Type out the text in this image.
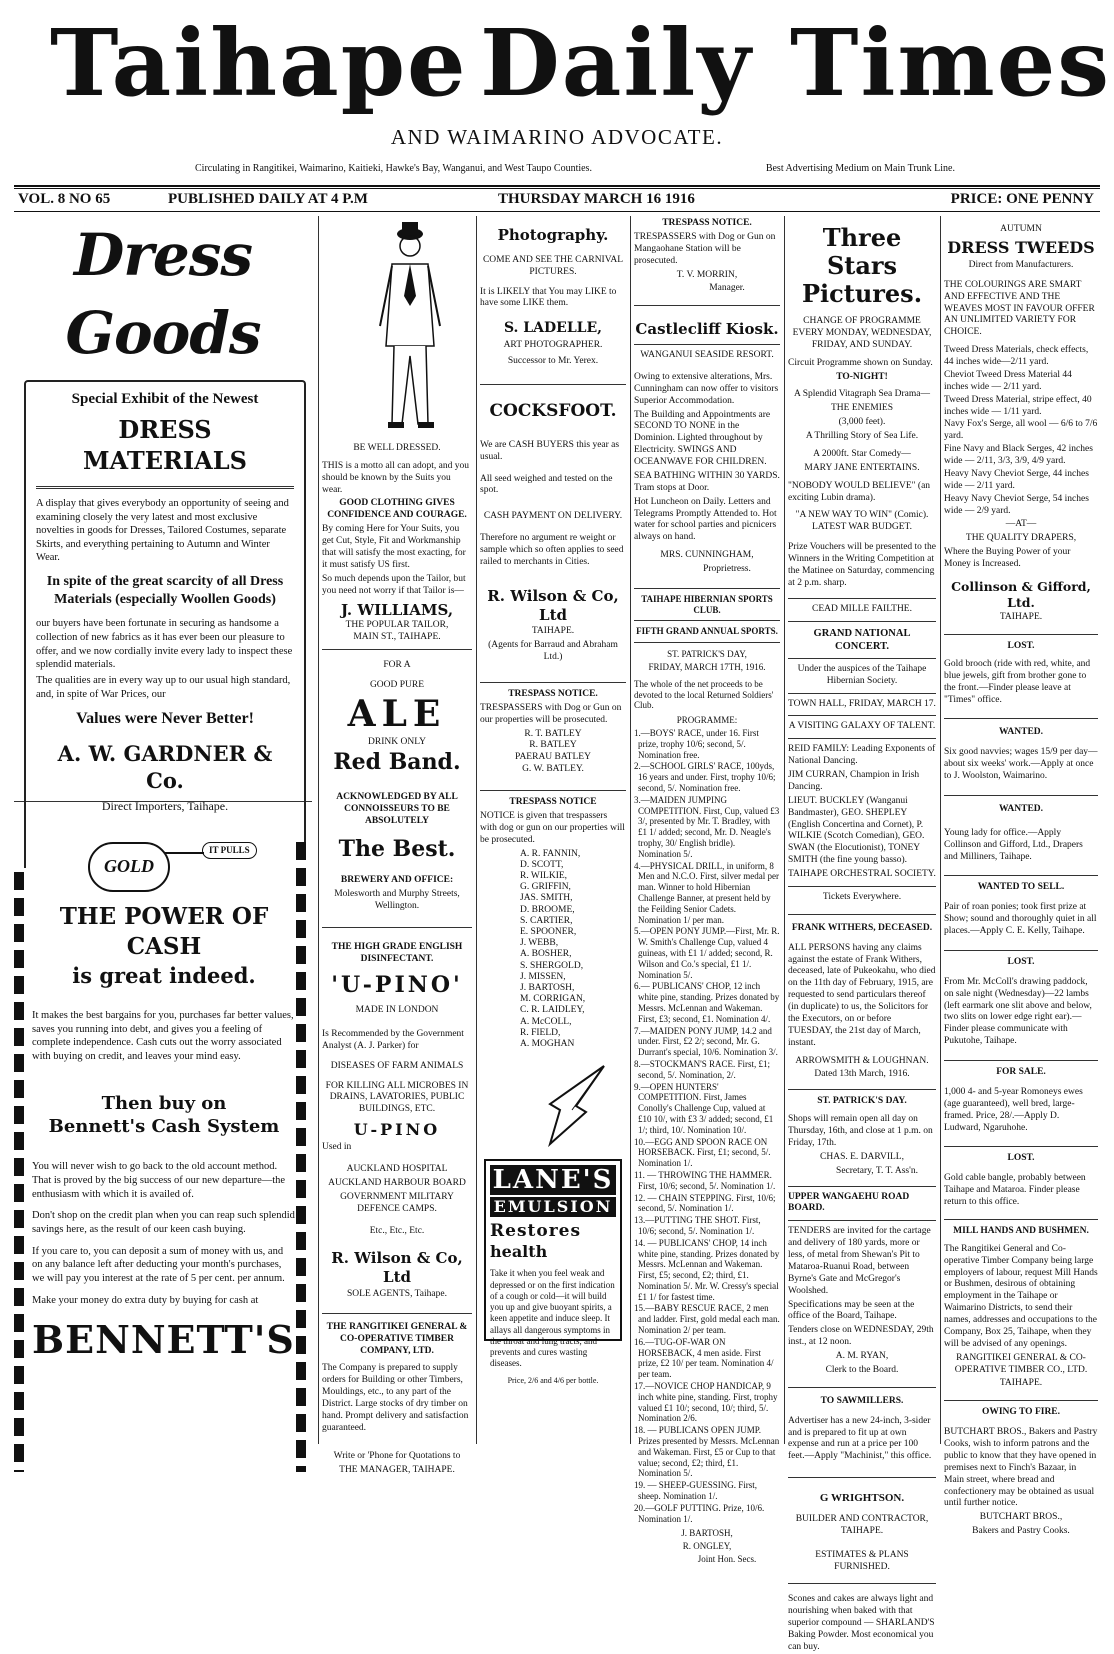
Taihape Daily Times
AND WAIMARINO ADVOCATE.
Circulating in Rangitikei, Waimarino, Kaitieki, Hawke's Bay, Wanganui, and West Taupo Counties.	Best Advertising Medium on Main Trunk Line.
VOL. 8 NO 65	PUBLISHED DAILY AT 4 P.M	THURSDAY MARCH 16 1916	PRICE: ONE PENNY
Dress Goods
Special Exhibit of the Newest
DRESS MATERIALS

A display that gives everybody an opportunity of seeing and examining closely the very latest and most exclusive novelties in goods for Dresses, Tailored Costumes, separate Skirts, and everything pertaining to Autumn and Winter Wear.

In spite of the great scarcity of all Dress Materials (especially Woollen Goods)

our buyers have been fortunate in securing as handsome a collection of new fabrics as it has ever been our pleasure to offer, and we now cordially invite every lady to inspect these splendid materials.

The qualities are in every way up to our usual high standard, and, in spite of War Prices, our

Values were Never Better!
A. W. GARDNER & Co.
Direct Importers, Taihape.
GOLD
IT PULLS
THE POWER OF CASH
is great indeed.

It makes the best bargains for you, purchases far better values, saves you running into debt, and gives you a feeling of complete independence. Cash cuts out the worry associated with buying on credit, and leaves your mind easy.

Then buy on
Bennett's Cash System

You will never wish to go back to the old account method. That is proved by the big success of our new departure—the enthusiasm with which it is availed of.

Don't shop on the credit plan when you can reap such splendid savings here, as the result of our keen cash buying.

If you care to, you can deposit a sum of money with us, and on any balance left after deducting your month's purchases, we will pay you interest at the rate of 5 per cent. per annum.

Make your money do extra duty by buying for cash at

BENNETT'S
BE WELL DRESSED.

THIS is a motto all can adopt, and you should be known by the Suits you wear.

GOOD CLOTHING GIVES CONFIDENCE AND COURAGE.

By coming Here for Your Suits, you get Cut, Style, Fit and Workmanship that will satisfy the most exacting, for it must satisfy US first.

So much depends upon the Tailor, but you need not worry if that Tailor is—

J. WILLIAMS,
THE POPULAR TAILOR,
MAIN ST., TAIHAPE.
FOR A
GOOD PURE
ALE
DRINK ONLY
Red Band.

ACKNOWLEDGED BY ALL CONNOISSEURS TO BE ABSOLUTELY

The Best.

BREWERY AND OFFICE:

Molesworth and Murphy Streets, Wellington.

THE HIGH GRADE ENGLISH DISINFECTANT.

'U-PINO'

MADE IN LONDON

Is Recommended by the Government Analyst (A. J. Parker) for

DISEASES OF FARM ANIMALS

FOR KILLING ALL MICROBES IN DRAINS, LAVATORIES, PUBLIC BUILDINGS, ETC.

U-PINO

Used in

AUCKLAND HOSPITAL

AUCKLAND HARBOUR BOARD

GOVERNMENT MILITARY DEFENCE CAMPS.

Etc., Etc., Etc.

R. Wilson & Co, Ltd

SOLE AGENTS, Taihape.

THE RANGITIKEI GENERAL & CO-OPERATIVE TIMBER COMPANY, LTD.

The Company is prepared to supply orders for Building or other Timbers, Mouldings, etc., to any part of the District. Large stocks of dry timber on hand. Prompt delivery and satisfaction guaranteed.

Write or 'Phone for Quotations to

THE MANAGER, TAIHAPE.

Photography.

COME AND SEE THE CARNIVAL PICTURES.

It is LIKELY that You may LIKE to have some LIKE them.

S. LADELLE,

ART PHOTOGRAPHER.

Successor to Mr. Yerex.

COCKSFOOT.

We are CASH BUYERS this year as usual.

All seed weighed and tested on the spot.

CASH PAYMENT ON DELIVERY.

Therefore no argument re weight or sample which so often applies to seed railed to merchants in Cities.

R. Wilson & Co, Ltd

TAIHAPE.

(Agents for Barraud and Abraham Ltd.)

TRESPASS NOTICE.

TRESPASSERS with Dog or Gun on our properties will be prosecuted.

R. T. BATLEY

R. BATLEY

PAERAU BATLEY

G. W. BATLEY.

TRESPASS NOTICE

NOTICE is given that trespassers with dog or gun on our properties will be prosecuted.

A. R. FANNIN,

D. SCOTT,

R. WILKIE,

G. GRIFFIN,

JAS. SMITH,

D. BROOME,

S. CARTIER,

E. SPOONER,

J. WEBB,

A. BOSHER,

S. SHERGOLD,

J. MISSEN,

J. BARTOSH,

M. CORRIGAN,

C. R. LAIDLEY,

A. McCOLL,

R. FIELD,

A. MOGHAN

LANE'S
EMULSION
Restores
health

Take it when you feel weak and depressed or on the first indication of a cough or cold—it will build you up and give buoyant spirits, a keen appetite and induce sleep. It allays all dangerous symptoms in the throat and lung tracts, and prevents and cures wasting diseases.

Price, 2/6 and 4/6 per bottle.

TRESPASS NOTICE.

TRESPASSERS with Dog or Gun on Mangaohane Station will be prosecuted.

T. V. MORRIN,

Manager.

Castlecliff Kiosk.

WANGANUI SEASIDE RESORT.

Owing to extensive alterations, Mrs. Cunningham can now offer to visitors Superior Accommodation.

The Building and Appointments are SECOND TO NONE in the Dominion. Lighted throughout by Electricity. SWINGS AND OCEANWAVE FOR CHILDREN.

SEA BATHING WITHIN 30 YARDS. Tram stops at Door.

Hot Luncheon on Daily. Letters and Telegrams Promptly Attended to. Hot water for school parties and picnicers always on hand.

MRS. CUNNINGHAM,

Proprietress.

TAIHAPE HIBERNIAN SPORTS CLUB.

FIFTH GRAND ANNUAL SPORTS.

ST. PATRICK'S DAY,

FRIDAY, MARCH 17TH, 1916.

The whole of the net proceeds to be devoted to the local Returned Soldiers' Club.

PROGRAMME:

1.—BOYS' RACE, under 16. First prize, trophy 10/6; second, 5/. Nomination free.

2.—SCHOOL GIRLS' RACE, 100yds, 16 years and under. First, trophy 10/6; second, 5/. Nomination free.

3.—MAIDEN JUMPING COMPETITION. First, Cup, valued £3 3/, presented by Mr. T. Bradley, with £1 1/ added; second, Mr. D. Neagle's trophy, 30/ English bridle). Nomination 5/.

4.—PHYSICAL DRILL, in uniform, 8 Men and N.C.O. First, silver medal per man. Winner to hold Hibernian Challenge Banner, at present held by the Feilding Senior Cadets. Nomination 1/ per man.

5.—OPEN PONY JUMP.—First, Mr. R. W. Smith's Challenge Cup, valued 4 guineas, with £1 1/ added; second, R. Wilson and Co.'s special, £1 1/. Nomination 5/.

6.— PUBLICANS' CHOP, 12 inch white pine, standing. Prizes donated by Messrs. McLennan and Wakeman. First, £3; second, £1. Nomination 4/.

7.—MAIDEN PONY JUMP, 14.2 and under. First, £2 2/; second, Mr. G. Durrant's special, 10/6. Nomination 3/.

8.—STOCKMAN'S RACE. First, £1; second, 5/. Nomination, 2/.

9.—OPEN HUNTERS' COMPETITION. First, James Conolly's Challenge Cup, valued at £10 10/, with £3 3/ added; second, £1 1/; third, 10/. Nomination 10/.

10.—EGG AND SPOON RACE ON HORSEBACK. First, £1; second, 5/. Nomination 1/.

11. — THROWING THE HAMMER. First, 10/6; second, 5/. Nomination 1/.

12. — CHAIN STEPPING. First, 10/6; second, 5/. Nomination 1/.

13.—PUTTING THE SHOT. First, 10/6; second, 5/. Nomination 1/.

14. — PUBLICANS' CHOP, 14 inch white pine, standing. Prizes donated by Messrs. McLennan and Wakeman. First, £5; second, £2; third, £1. Nomination 5/. Mr. W. Cressy's special £1 1/ for fastest time.

15.—BABY RESCUE RACE, 2 men and ladder. First, gold medal each man. Nomination 2/ per team.

16.—TUG-OF-WAR ON HORSEBACK, 4 men aside. First prize, £2 10/ per team. Nomination 4/ per team.

17.—NOVICE CHOP HANDICAP, 9 inch white pine, standing. First, trophy valued £1 10/; second, 10/; third, 5/. Nomination 2/6.

18. — PUBLICANS OPEN JUMP. Prizes presented by Messrs. McLennan and Wakeman. First, £5 or Cup to that value; second, £2; third, £1. Nomination 5/.

19. — SHEEP-GUESSING. First, sheep. Nomination 1/.

20.—GOLF PUTTING. Prize, 10/6. Nomination 1/.

J. BARTOSH,

R. ONGLEY,

Joint Hon. Secs.

Three Stars
Pictures.

CHANGE OF PROGRAMME EVERY MONDAY, WEDNESDAY, FRIDAY, AND SUNDAY.

Circuit Programme shown on Sunday.

TO-NIGHT!

A Splendid Vitagraph Sea Drama—

THE ENEMIES

(3,000 feet).

A Thrilling Story of Sea Life.

A 2000ft. Star Comedy—

MARY JANE ENTERTAINS.

"NOBODY WOULD BELIEVE" (an exciting Lubin drama).

"A NEW WAY TO WIN" (Comic). LATEST WAR BUDGET.

Prize Vouchers will be presented to the Winners in the Writing Competition at the Matinee on Saturday, commencing at 2 p.m. sharp.

CEAD MILLE FAILTHE.

GRAND NATIONAL CONCERT.

Under the auspices of the Taihape Hibernian Society.

TOWN HALL, FRIDAY, MARCH 17.

A VISITING GALAXY OF TALENT.

REID FAMILY: Leading Exponents of National Dancing.

JIM CURRAN, Champion in Irish Dancing.

LIEUT. BUCKLEY (Wanganui Bandmaster), GEO. SHEPLEY (English Concertina and Cornet), P. WILKIE (Scotch Comedian), GEO. SWAN (the Elocutionist), TONEY SMITH (the fine young basso).

TAIHAPE ORCHESTRAL SOCIETY.

Tickets Everywhere.

FRANK WITHERS, DECEASED.

ALL PERSONS having any claims against the estate of Frank Withers, deceased, late of Pukeokahu, who died on the 11th day of February, 1915, are requested to send particulars thereof (in duplicate) to us, the Solicitors for the Executors, on or before TUESDAY, the 21st day of March, instant.

ARROWSMITH & LOUGHNAN.

Dated 13th March, 1916.

ST. PATRICK'S DAY.

Shops will remain open all day on Thursday, 16th, and close at 1 p.m. on Friday, 17th.

CHAS. E. DARVILL,

Secretary, T. T. Ass'n.

UPPER WANGAEHU ROAD BOARD.

TENDERS are invited for the cartage and delivery of 180 yards, more or less, of metal from Shewan's Pit to Mataroa-Ruanui Road, between Byrne's Gate and McGregor's Woolshed.

Specifications may be seen at the office of the Board, Taihape.

Tenders close on WEDNESDAY, 29th inst., at 12 noon.

A. M. RYAN,

Clerk to the Board.

TO SAWMILLERS.

Advertiser has a new 24-inch, 3-sider and is prepared to fit up at own expense and run at a price per 100 feet.—Apply "Machinist," this office.

G WRIGHTSON.

BUILDER AND CONTRACTOR, TAIHAPE.

ESTIMATES & PLANS FURNISHED.

Scones and cakes are always light and nourishing when baked with that superior compound — SHARLAND'S Baking Powder. Most economical you can buy.

AUTUMN

DRESS TWEEDS

Direct from Manufacturers.

THE COLOURINGS ARE SMART AND EFFECTIVE AND THE WEAVES MOST IN FAVOUR OFFER AN UNLIMITED VARIETY FOR CHOICE.

Tweed Dress Materials, check effects, 44 inches wide—2/11 yard.

Cheviot Tweed Dress Material 44 inches wide — 2/11 yard.

Tweed Dress Material, stripe effect, 40 inches wide — 1/11 yard.

Navy Fox's Serge, all wool — 6/6 to 7/6 yard.

Fine Navy and Black Serges, 42 inches wide — 2/11, 3/3, 3/9, 4/9 yard.

Heavy Navy Cheviot Serge, 44 inches wide — 2/11 yard.

Heavy Navy Cheviot Serge, 54 inches wide — 2/9 yard.

—AT—

THE QUALITY DRAPERS,

Where the Buying Power of your Money is Increased.

Collinson & Gifford, Ltd.

TAIHAPE.

LOST.

Gold brooch (ride with red, white, and blue jewels, gift from brother gone to the front.—Finder please leave at "Times" office.

WANTED.

Six good navvies; wages 15/9 per day—about six weeks' work.—Apply at once to J. Woolston, Waimarino.

WANTED.

Young lady for office.—Apply Collinson and Gifford, Ltd., Drapers and Milliners, Taihape.

WANTED TO SELL.

Pair of roan ponies; took first prize at Show; sound and thoroughly quiet in all places.—Apply C. E. Kelly, Taihape.

LOST.

From Mr. McColl's drawing paddock, on sale night (Wednesday)—22 lambs (left earmark one slit above and below, two slits on lower edge right ear).—Finder please communicate with Pukutohe, Taihape.

FOR SALE.

1,000 4- and 5-year Romoneys ewes (age guaranteed), well bred, large-framed. Price, 28/.—Apply D. Ludward, Ngaruhohe.

LOST.

Gold cable bangle, probably between Taihape and Mataroa. Finder please return to this office.

MILL HANDS AND BUSHMEN.

The Rangitikei General and Co-operative Timber Company being large employers of labour, request Mill Hands or Bushmen, desirous of obtaining employment in the Taihape or Waimarino Districts, to send their names, addresses and occupations to the Company, Box 25, Taihape, when they will be advised of any openings.

RANGITIKEI GENERAL & CO-OPERATIVE TIMBER CO., LTD.

TAIHAPE.

OWING TO FIRE.

BUTCHART BROS., Bakers and Pastry Cooks, wish to inform patrons and the public to know that they have opened in premises next to Finch's Bazaar, in Main street, where bread and confectionery may be obtained as usual until further notice.

BUTCHART BROS.,

Bakers and Pastry Cooks.
